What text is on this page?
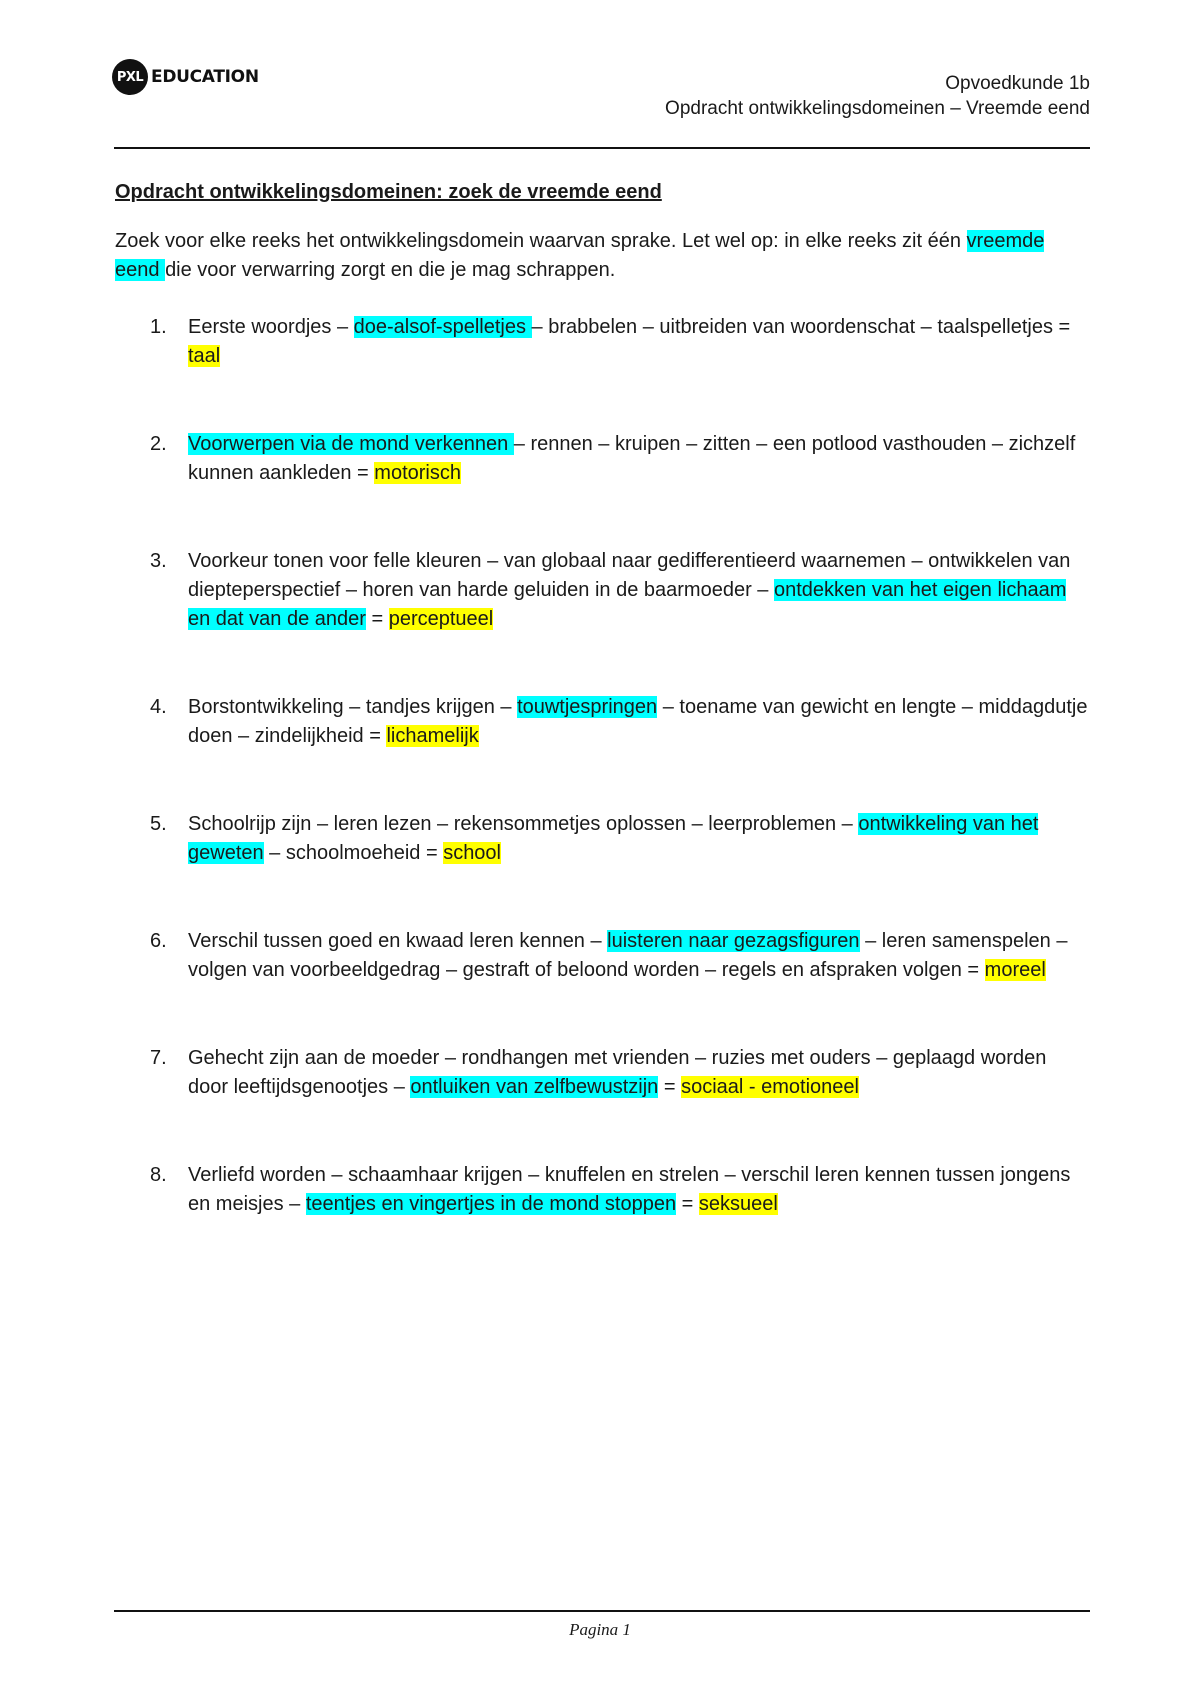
PXL EDUCATION	Opvoedkunde 1b
Opdracht ontwikkelingsdomeinen – Vreemde eend

Opdracht ontwikkelingsdomeinen: zoek de vreemde eend

Zoek voor elke reeks het ontwikkelingsdomein waarvan sprake. Let wel op: in elke reeks zit één vreemde eend die voor verwarring zorgt en die je mag schrappen.

1. Eerste woordjes – doe-alsof-spelletjes – brabbelen – uitbreiden van woordenschat – taalspelletjes = taal
2. Voorwerpen via de mond verkennen – rennen – kruipen – zitten – een potlood vasthouden – zichzelf kunnen aankleden = motorisch
3. Voorkeur tonen voor felle kleuren – van globaal naar gedifferentieerd waarnemen – ontwikkelen van diepteperspectief – horen van harde geluiden in de baarmoeder – ontdekken van het eigen lichaam en dat van de ander = perceptueel
4. Borstontwikkeling – tandjes krijgen – touwtjespringen – toename van gewicht en lengte – middagdutje doen – zindelijkheid = lichamelijk
5. Schoolrijp zijn – leren lezen – rekensommetjes oplossen – leerproblemen – ontwikkeling van het geweten – schoolmoeheid = school
6. Verschil tussen goed en kwaad leren kennen – luisteren naar gezagsfiguren – leren samenspelen – volgen van voorbeeldgedrag – gestraft of beloond worden – regels en afspraken volgen = moreel
7. Gehecht zijn aan de moeder – rondhangen met vrienden – ruzies met ouders – geplaagd worden door leeftijdsgenootjes – ontluiken van zelfbewustzijn = sociaal - emotioneel
8. Verliefd worden – schaamhaar krijgen – knuffelen en strelen – verschil leren kennen tussen jongens en meisjes – teentjes en vingertjes in de mond stoppen = seksueel
Pagina 1
